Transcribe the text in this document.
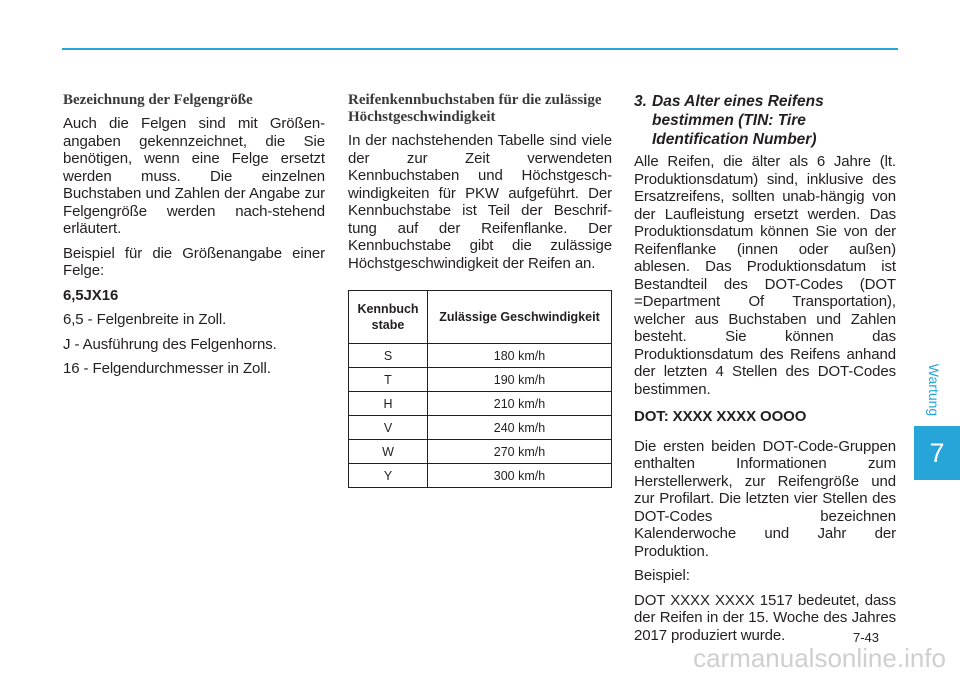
Bezeichnung der Felgengröße

Auch die Felgen sind mit Größen-angaben gekennzeichnet, die Sie benötigen, wenn eine Felge ersetzt werden muss. Die einzelnen Buchstaben und Zahlen der Angabe zur Felgengröße werden nach-stehend erläutert.

Beispiel für die Größenangabe einer Felge:

6,5JX16

6,5 - Felgenbreite in Zoll.

J - Ausführung des Felgenhorns.

16 - Felgendurchmesser in Zoll.

Reifenkennbuchstaben für die zulässige Höchstgeschwindigkeit

In der nachstehenden Tabelle sind viele der zur Zeit verwendeten Kennbuchstaben und Höchstgesch-windigkeiten für PKW aufgeführt. Der Kennbuchstabe ist Teil der Beschrif-tung auf der Reifenflanke. Der Kennbuchstabe gibt die zulässige Höchstgeschwindigkeit der Reifen an.

Kennbuch stabe	Zulässige Geschwindigkeit
S	180 km/h
T	190 km/h
H	210 km/h
V	240 km/h
W	270 km/h
Y	300 km/h
3. Das Alter eines Reifens
bestimmen (TIN: Tire
Identification Number)

Alle Reifen, die älter als 6 Jahre (lt. Produktionsdatum) sind, inklusive des Ersatzreifens, sollten unab-hängig von der Laufleistung ersetzt werden. Das Produktionsdatum können Sie von der Reifenflanke (innen oder außen) ablesen. Das Produktionsdatum ist Bestandteil des DOT-Codes (DOT =Department Of Transportation), welcher aus Buchstaben und Zahlen besteht. Sie können das Produktionsdatum des Reifens anhand der letzten 4 Stellen des DOT-Codes bestimmen.

DOT: XXXX XXXX OOOO

Die ersten beiden DOT-Code-Gruppen enthalten Informationen zum Herstellerwerk, zur Reifengröße und zur Profilart. Die letzten vier Stellen des DOT-Codes bezeichnen Kalenderwoche und Jahr der Produktion.

Beispiel:

DOT XXXX XXXX 1517 bedeutet, dass der Reifen in der 15. Woche des Jahres 2017 produziert wurde.

Wartung
7
7-43
carmanualsonline.info
